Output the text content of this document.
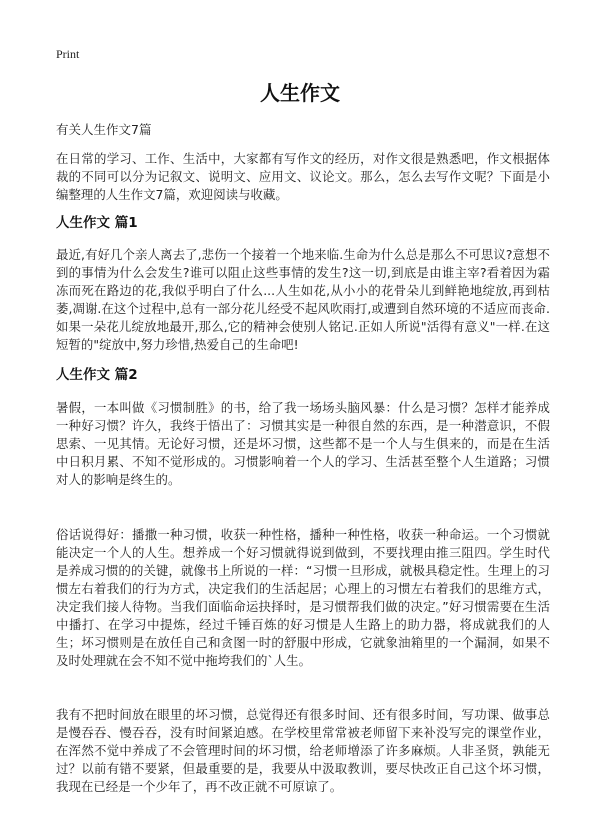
Print
人生作文
有关人生作文7篇
在日常的学习、工作、生活中，大家都有写作文的经历，对作文很是熟悉吧，作文根据体裁的不同可以分为记叙文、说明文、应用文、议论文。那么，怎么去写作文呢？下面是小编整理的人生作文7篇，欢迎阅读与收藏。
人生作文 篇1
最近,有好几个亲人离去了,悲伤一个接着一个地来临.生命为什么总是那么不可思议?意想不到的事情为什么会发生?谁可以阻止这些事情的发生?这一切,到底是由谁主宰?看着因为霜冻而死在路边的花,我似乎明白了什么...人生如花,从小小的花骨朵儿到鲜艳地绽放,再到枯萎,凋谢.在这个过程中,总有一部分花儿经受不起风吹雨打,或遭到自然环境的不适应而丧命.如果一朵花儿绽放地最开,那么,它的精神会使别人铭记.正如人所说"活得有意义"一样.在这短暂的"绽放中,努力珍惜,热爱自己的生命吧!
人生作文 篇2
暑假，一本叫做《习惯制胜》的书，给了我一场场头脑风暴：什么是习惯？怎样才能养成一种好习惯？许久，我终于悟出了：习惯其实是一种很自然的东西，是一种潜意识，不假思索、一见其情。无论好习惯，还是坏习惯，这些都不是一个人与生俱来的，而是在生活中日积月累、不知不觉形成的。习惯影响着一个人的学习、生活甚至整个人生道路；习惯对人的影响是终生的。
俗话说得好：播撒一种习惯，收获一种性格，播种一种性格，收获一种命运。一个习惯就能决定一个人的人生。想养成一个好习惯就得说到做到，不要找理由推三阻四。学生时代是养成习惯的的关键，就像书上所说的一样：“习惯一旦形成，就极具稳定性。生理上的习惯左右着我们的行为方式，决定我们的生活起居；心理上的习惯左右着我们的思维方式，决定我们接人待物。当我们面临命运抉择时，是习惯帮我们做的决定。”好习惯需要在生活中播打、在学习中提炼，经过千锤百炼的好习惯是人生路上的助力器，将成就我们的人生；坏习惯则是在放任自己和贪图一时的舒服中形成，它就象油箱里的一个漏洞，如果不及时处理就在会不知不觉中拖垮我们的`人生。
我有不把时间放在眼里的坏习惯，总觉得还有很多时间、还有很多时间，写功课、做事总是慢吞吞、慢吞吞，没有时间紧迫感。在学校里常常被老师留下来补没写完的课堂作业，在浑然不觉中养成了不会管理时间的坏习惯，给老师增添了许多麻烦。人非圣贤，孰能无过？以前有错不要紧，但最重要的是，我要从中汲取教训，要尽快改正自己这个坏习惯，我现在已经是一个少年了，再不改正就不可原谅了。
